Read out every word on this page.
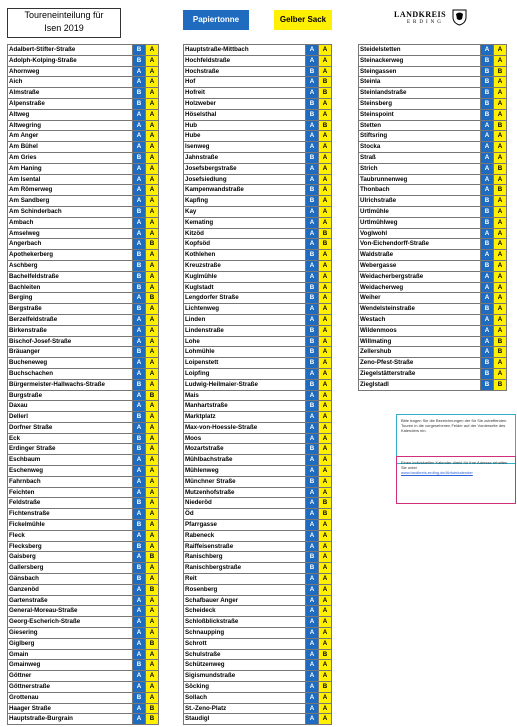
Toureneinteilung für
Isen 2019
Papiertonne	Gelber Sack
LANDKREIS
ERDING
Adalbert-Stifter-Straße	B	A
Adolph-Kolping-Straße	B	A
Ahornweg	A	A
Aich	A	A
Almstraße	B	A
Alpenstraße	B	A
Altweg	A	A
Altwegring	A	A
Am Anger	A	A
Am Bühel	A	A
Am Gries	B	A
Am Haning	A	A
Am Isental	A	A
Am Römerweg	A	A
Am Sandberg	A	A
Am Schinderbach	B	A
Ambach	A	A
Amselweg	A	A
Angerbach	A	B
Apothekerberg	B	A
Aschberg	B	A
Bachelfeldstraße	B	A
Bachleiten	B	A
Berging	A	B
Bergstraße	B	A
Berzelfeldstraße	A	A
Birkenstraße	A	A
Bischof-Josef-Straße	A	A
Bräuanger	B	A
Bucheneweg	A	A
Buchschachen	A	A
Bürgermeister-Hallwachs-Straße	B	A
Burgstraße	A	B
Daxau	A	A
Dellerl	B	A
Dorfner Straße	A	A
Eck	B	A
Erdinger Straße	B	A
Eschbaum	A	A
Eschenweg	A	A
Fahrnbach	A	A
Feichten	A	A
Feldstraße	B	A
Fichtenstraße	A	A
Fickelmühle	B	A
Fleck	A	A
Flecksberg	B	A
Gaisberg	A	B
Gallersberg	B	A
Gänsbach	B	A
Ganzenöd	A	B
Gartenstraße	A	A
General-Moreau-Straße	A	A
Georg-Escherich-Straße	A	A
Giesering	A	A
Giglberg	A	B
Gmain	A	A
Gmainweg	B	A
Göttner	A	A
Göttnerstraße	A	A
Grottenau	B	A
Haager Straße	A	B
Hauptstraße-Burgrain	A	B
Hauptstraße-Mittbach	A	A
Hochfeldstraße	A	A
Hochstraße	B	A
Hof	A	B
Hofreit	A	B
Holzweber	B	A
Höselsthal	B	A
Hub	A	B
Hube	A	A
Isenweg	A	A
Jahnstraße	B	A
Josefsbergstraße	A	A
Josefsiedlung	A	A
Kampenwandstraße	B	A
Kapfing	B	A
Kay	A	A
Kemating	A	A
Kitzöd	A	B
Kopfsöd	A	B
Kothlehen	B	A
Kreuzstraße	A	A
Kuglmühle	A	A
Kuglstadt	B	A
Lengdorfer Straße	B	A
Lichtenweg	A	A
Linden	A	A
Lindenstraße	B	A
Lohe	B	A
Lohmühle	B	A
Loipenstett	B	A
Loipfing	A	A
Ludwig-Heilmaier-Straße	B	A
Mais	A	A
Manhartstraße	B	A
Marktplatz	A	A
Max-von-Hoessle-Straße	A	A
Moos	A	A
Mozartstraße	B	A
Mühlbachstraße	A	A
Mühlenweg	A	A
Münchner Straße	B	A
Mutzenhofstraße	A	A
Niederöd	A	B
Öd	A	B
Pfarrgasse	A	A
Rabeneck	A	A
Raiffeisenstraße	A	A
Ranischberg	B	A
Ranischbergstraße	B	A
Reit	A	A
Rosenberg	A	A
Schafbauer Anger	A	A
Scheideck	A	A
Schloßblickstraße	A	A
Schnaupping	A	A
Schrott	A	A
Schulstraße	A	B
Schützenweg	A	A
Sigismundstraße	A	A
Söcking	A	B
Sollach	A	A
St.-Zeno-Platz	A	A
Staudigl	A	A
Steidelstetten	A	A
Steinackerweg	B	A
Steingassen	B	B
Steinla	B	A
Steinlandstraße	B	A
Steinsberg	B	A
Steinspoint	B	A
Stetten	A	B
Stiftsring	A	A
Stocka	A	A
Straß	A	A
Strich	A	B
Taubrunnenweg	A	A
Thonbach	A	B
Ulrichstraße	B	A
Urtlmühle	B	A
Urtlmühlweg	B	A
Voglwohl	A	A
Von-Eichendorff-Straße	B	A
Waldstraße	A	A
Webergasse	B	A
Weidacherbergstraße	A	A
Weidacherweg	A	A
Weiher	A	A
Wendelsteinstraße	B	A
Westach	A	A
Wildenmoos	A	A
Willmating	A	B
Zellershub	A	B
Zeno-Pfest-Straße	B	A
Ziegelstätterstraße	B	A
Zieglstadl	B	B
Bitte tragen Sie die Bezeichnungen der für Sie zutreffenden Touren in die vorgesehenen Felder auf der Vorderseite des Kalenders ein.
Einen individuellen Kalender direkt für Ihre Adresse erhalten Sie unter
www.landkreis-erding.de/Abfuhrkalender
